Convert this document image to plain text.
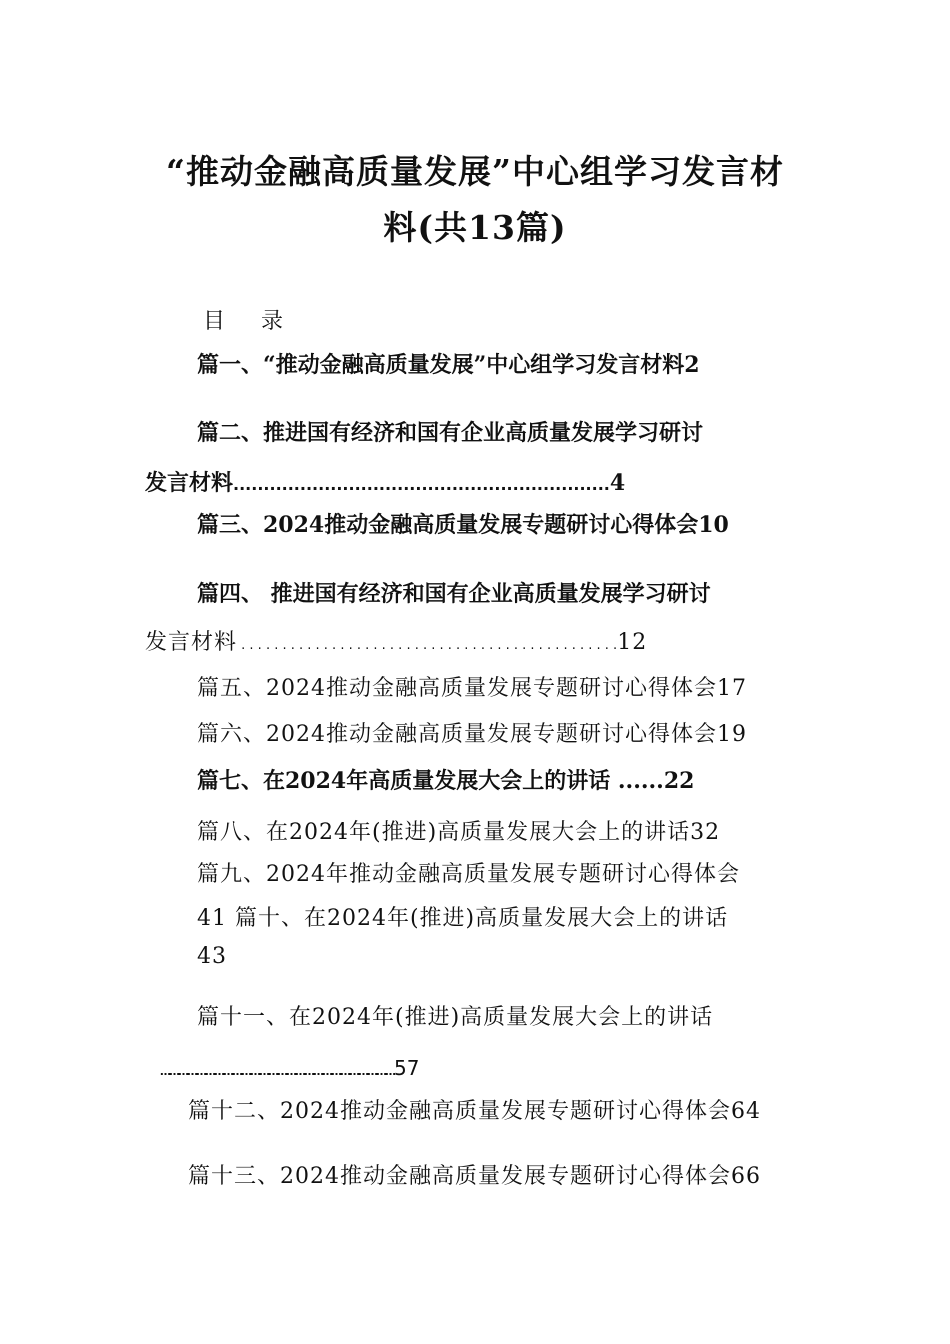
“推动金融高质量发展”中心组学习发言材
料(共13篇)
目 录
篇一、“推动金融高质量发展”中心组学习发言材料2
篇二、推进国有经济和国有企业高质量发展学习研讨
发言材料..............................................................4
篇三、2024推动金融高质量发展专题研讨心得体会10
篇四、 推进国有经济和国有企业高质量发展学习研讨
发言材料 . . . . . . . . . . . . . . . . . . . . . . . . . . . . . . . . . . . . . . . . . . . . . .12
篇五、2024推动金融高质量发展专题研讨心得体会17
篇六、2024推动金融高质量发展专题研讨心得体会19
篇七、在2024年高质量发展大会上的讲话 ......22
篇八、在2024年(推进)高质量发展大会上的讲话32
篇九、2024年推动金融高质量发展专题研讨心得体会
41 篇十、在2024年(推进)高质量发展大会上的讲话
43
篇十一、在2024年(推进)高质量发展大会上的讲话
……………………………………………………………………57
篇十二、2024推动金融高质量发展专题研讨心得体会64
篇十三、2024推动金融高质量发展专题研讨心得体会66
